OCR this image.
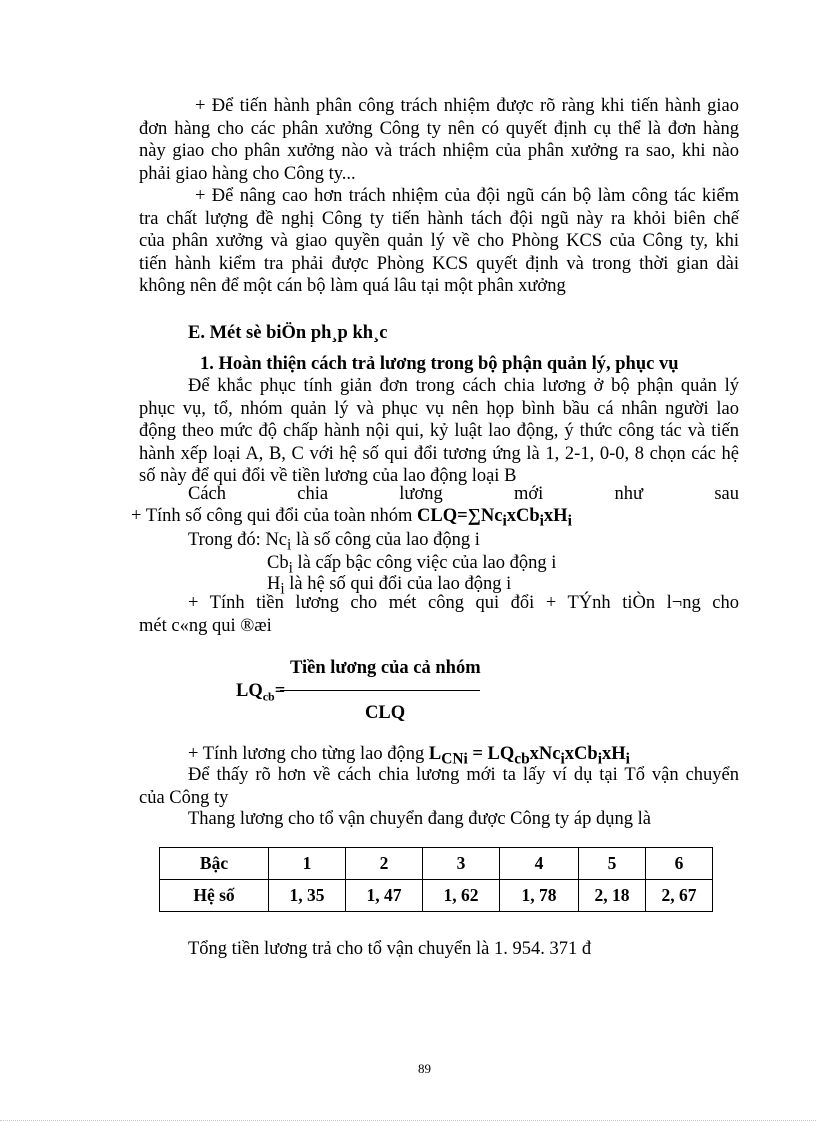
+ Để tiến hành phân công trách nhiệm được rõ ràng khi tiến hành giao
đơn hàng cho các phân xưởng Công ty nên có quyết định cụ thể là đơn hàng
này giao cho phân xưởng nào và trách nhiệm của phân xưởng ra sao, khi nào
phải giao hàng cho Công ty...
+ Để nâng cao hơn trách nhiệm của đội ngũ cán bộ làm công tác kiểm
tra chất lượng đề nghị Công ty tiến hành tách đội ngũ này ra khỏi biên chế
của phân xưởng và giao quyền quản lý về cho Phòng KCS của Công ty, khi
tiến hành kiểm tra phải được Phòng KCS quyết định và trong thời gian dài
không nên để một cán bộ làm quá lâu tại một phân xưởng

E. Mét sè biÖn ph¸p kh¸c

1. Hoàn thiện cách trả lương trong bộ phận quản lý, phục vụ

Để khắc phục tính giản đơn trong cách chia lương ở bộ phận quản lý
phục vụ, tổ, nhóm quản lý và phục vụ nên họp bình bầu cá nhân người lao
động theo mức độ chấp hành nội qui, kỷ luật lao động, ý thức công tác và tiến
hành xếp loại A, B, C với hệ số qui đổi tương ứng là 1, 2-1, 0-0, 8 chọn các hệ
số này để qui đổi về tiền lương của lao động loại B
Cách	chia	lương	mới	như	sau

+ Tính số công qui đổi của toàn nhóm $CLQ=\sum Nc_ixCb_ixH_i$

Trong đó: $Nc_i$ là số công của lao động i

$Cb_i$ là cấp bậc công việc của lao động i

$H_i$ là hệ số qui đổi của lao động i

+ Tính tiền lương cho mét công qui đổi + TÝnh tiÒn l¬ng cho

mét c«ng qui ®æi

Tiền lương của cả nhóm

$LQ_{cb}=$

CLQ

+ Tính lương cho từng lao động $L_{CNi} = LQ_{cb}xNc_ixCb_ixH_i$

Để thấy rõ hơn về cách chia lương mới ta lấy ví dụ tại Tổ vận chuyển
của Công ty

Thang lương cho tổ vận chuyển đang được Công ty áp dụng là

Bậc	1	2	3	4	5	6
Hệ số	1, 35	1, 47	1, 62	1, 78	2, 18	2, 67

Tổng tiền lương trả cho tổ vận chuyển là 1. 954. 371 đ

89
